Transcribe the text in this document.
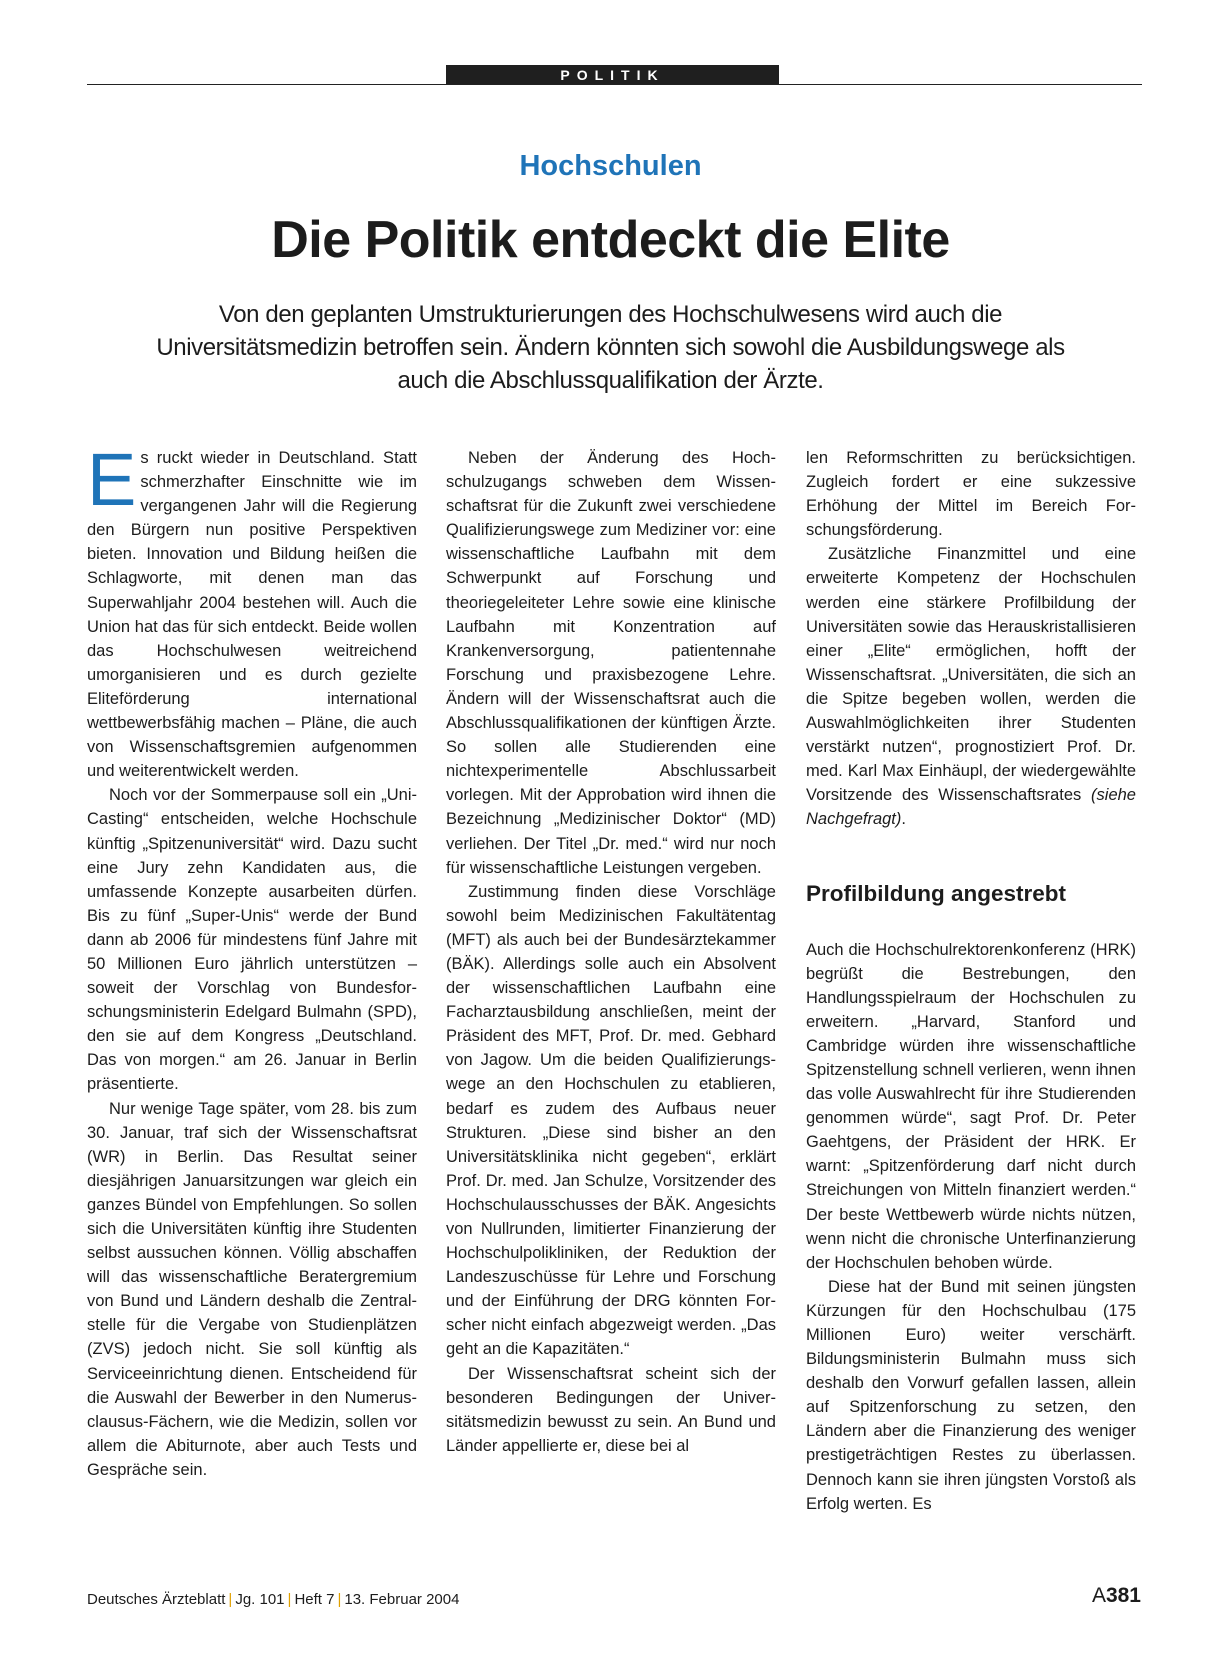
POLITIK
Hochschulen
Die Politik entdeckt die Elite
Von den geplanten Umstrukturierungen des Hochschulwesens wird auch die Universitätsmedizin betroffen sein. Ändern könnten sich sowohl die Ausbildungswege als auch die Abschlussqualifikation der Ärzte.

Es ruckt wieder in Deutschland. Statt schmerzhafter Einschnitte wie im vergangenen Jahr will die Regierung den Bürgern nun positive Perspektiven bieten. Innovation und Bildung heißen die Schlagworte, mit denen man das Superwahljahr 2004 bestehen will. Auch die Union hat das für sich entdeckt. Beide wollen das Hochschulwesen weitreichend umorganisieren und es durch gezielte Eliteförderung international wettbewerbsfähig machen – Pläne, die auch von Wissenschaftsgremien aufgenommen und weiterentwickelt werden.

Noch vor der Sommerpause soll ein „Uni-Casting“ entscheiden, welche Hochschule künftig „Spitzenuniversität“ wird. Dazu sucht eine Jury zehn Kandidaten aus, die umfassende Konzepte ausarbeiten dürfen. Bis zu fünf „Super-Unis“ werde der Bund dann ab 2006 für mindestens fünf Jahre mit 50 Millionen Euro jährlich unterstützen – soweit der Vorschlag von Bundesforschungsministerin Edelgard Bulmahn (SPD), den sie auf dem Kongress „Deutschland. Das von morgen.“ am 26. Januar in Berlin präsentierte.

Nur wenige Tage später, vom 28. bis zum 30. Januar, traf sich der Wissenschaftsrat (WR) in Berlin. Das Resultat seiner diesjährigen Januarsitzungen war gleich ein ganzes Bündel von Empfehlungen. So sollen sich die Universitäten künftig ihre Studenten selbst aussuchen können. Völlig abschaffen will das wissenschaftliche Beratergremium von Bund und Ländern deshalb die Zentralstelle für die Vergabe von Studienplätzen (ZVS) jedoch nicht. Sie soll künftig als Serviceeinrichtung dienen. Entscheidend für die Auswahl der Bewerber in den Numerus-clausus-Fächern, wie die Medizin, sollen vor allem die Abiturnote, aber auch Tests und Gespräche sein.

Neben der Änderung des Hochschulzugangs schweben dem Wissenschaftsrat für die Zukunft zwei verschiedene Qualifizierungswege zum Mediziner vor: eine wissenschaftliche Laufbahn mit dem Schwerpunkt auf Forschung und theoriegeleiteter Lehre sowie eine klinische Laufbahn mit Konzentration auf Krankenversorgung, patientennahe Forschung und praxisbezogene Lehre. Ändern will der Wissenschaftsrat auch die Abschlussqualifikationen der künftigen Ärzte. So sollen alle Studierenden eine nichtexperimentelle Abschlussarbeit vorlegen. Mit der Approbation wird ihnen die Bezeichnung „Medizinischer Doktor“ (MD) verliehen. Der Titel „Dr. med.“ wird nur noch für wissenschaftliche Leistungen vergeben.

Zustimmung finden diese Vorschläge sowohl beim Medizinischen Fakultätentag (MFT) als auch bei der Bundesärztekammer (BÄK). Allerdings solle auch ein Absolvent der wissenschaftlichen Laufbahn eine Facharztausbildung anschließen, meint der Präsident des MFT, Prof. Dr. med. Gebhard von Jagow. Um die beiden Qualifizierungswege an den Hochschulen zu etablieren, bedarf es zudem des Aufbaus neuer Strukturen. „Diese sind bisher an den Universitätsklinika nicht gegeben“, erklärt Prof. Dr. med. Jan Schulze, Vorsitzender des Hochschulausschusses der BÄK. Angesichts von Nullrunden, limitierter Finanzierung der Hochschulpolikliniken, der Reduktion der Landeszuschüsse für Lehre und Forschung und der Einführung der DRG könnten Forscher nicht einfach abgezweigt werden. „Das geht an die Kapazitäten.“

Der Wissenschaftsrat scheint sich der besonderen Bedingungen der Universitätsmedizin bewusst zu sein. An Bund und Länder appellierte er, diese bei al

len Reformschritten zu berücksichtigen. Zugleich fordert er eine sukzessive Erhöhung der Mittel im Bereich Forschungsförderung.

Zusätzliche Finanzmittel und eine erweiterte Kompetenz der Hochschulen werden eine stärkere Profilbildung der Universitäten sowie das Herauskristallisieren einer „Elite“ ermöglichen, hofft der Wissenschaftsrat. „Universitäten, die sich an die Spitze begeben wollen, werden die Auswahlmöglichkeiten ihrer Studenten verstärkt nutzen“, prognostiziert Prof. Dr. med. Karl Max Einhäupl, der wiedergewählte Vorsitzende des Wissenschaftsrates (siehe Nachgefragt).

Profilbildung angestrebt

Auch die Hochschulrektorenkonferenz (HRK) begrüßt die Bestrebungen, den Handlungsspielraum der Hochschulen zu erweitern. „Harvard, Stanford und Cambridge würden ihre wissenschaftliche Spitzenstellung schnell verlieren, wenn ihnen das volle Auswahlrecht für ihre Studierenden genommen würde“, sagt Prof. Dr. Peter Gaehtgens, der Präsident der HRK. Er warnt: „Spitzenförderung darf nicht durch Streichungen von Mitteln finanziert werden.“ Der beste Wettbewerb würde nichts nützen, wenn nicht die chronische Unterfinanzierung der Hochschulen behoben würde.

Diese hat der Bund mit seinen jüngsten Kürzungen für den Hochschulbau (175 Millionen Euro) weiter verschärft. Bildungsministerin Bulmahn muss sich deshalb den Vorwurf gefallen lassen, allein auf Spitzenforschung zu setzen, den Ländern aber die Finanzierung des weniger prestigeträchtigen Restes zu überlassen. Dennoch kann sie ihren jüngsten Vorstoß als Erfolg werten. Es

Deutsches Ärzteblatt | Jg. 101 | Heft 7 | 13. Februar 2004	A381
